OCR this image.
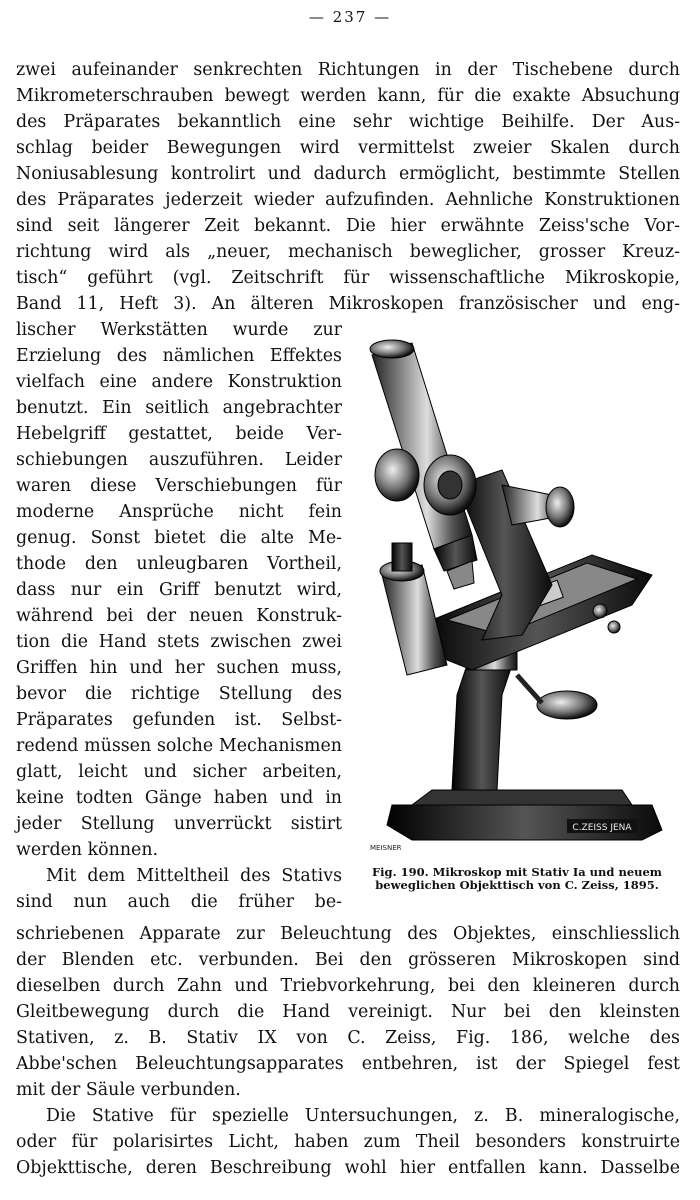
— 237 —
zwei aufeinander senkrechten Richtungen in der Tischebene durch
Mikrometerschrauben bewegt werden kann, für die exakte Absuchung
des Präparates bekanntlich eine sehr wichtige Beihilfe. Der Aus-
schlag beider Bewegungen wird vermittelst zweier Skalen durch
Noniusablesung kontrolirt und dadurch ermöglicht, bestimmte Stellen
des Präparates jederzeit wieder aufzufinden. Aehnliche Konstruktionen
sind seit längerer Zeit bekannt. Die hier erwähnte Zeiss'sche Vor-
richtung wird als „neuer, mechanisch beweglicher, grosser Kreuz-
tisch“ geführt (vgl. Zeitschrift für wissenschaftliche Mikroskopie,
Band 11, Heft 3). An älteren Mikroskopen französischer und eng-
lischer Werkstätten wurde zur
Erzielung des nämlichen Effektes
vielfach eine andere Konstruktion
benutzt. Ein seitlich angebrachter
Hebelgriff gestattet, beide Ver-
schiebungen auszuführen. Leider
waren diese Verschiebungen für
moderne Ansprüche nicht fein
genug. Sonst bietet die alte Me-
thode den unleugbaren Vortheil,
dass nur ein Griff benutzt wird,
während bei der neuen Konstruk-
tion die Hand stets zwischen zwei
Griffen hin und her suchen muss,
bevor die richtige Stellung des
Präparates gefunden ist. Selbst-
redend müssen solche Mechanismen
glatt, leicht und sicher arbeiten,
keine todten Gänge haben und in
jeder Stellung unverrückt sistirt
werden können.
Mit dem Mitteltheil des Stativs
sind nun auch die früher be-
schriebenen Apparate zur Beleuchtung des Objektes, einschliesslich
der Blenden etc. verbunden. Bei den grösseren Mikroskopen sind
dieselben durch Zahn und Triebvorkehrung, bei den kleineren durch
Gleitbewegung durch die Hand vereinigt. Nur bei den kleinsten
Stativen, z. B. Stativ IX von C. Zeiss, Fig. 186, welche des
Abbe'schen Beleuchtungsapparates entbehren, ist der Spiegel fest
mit der Säule verbunden.
Die Stative für spezielle Untersuchungen, z. B. mineralogische,
oder für polarisirtes Licht, haben zum Theil besonders konstruirte
Objekttische, deren Beschreibung wohl hier entfallen kann. Dasselbe
C.ZEISS JENA
MEISNER
Fig. 190. Mikroskop mit Stativ Ia und neuem
beweglichen Objekttisch von C. Zeiss, 1895.
